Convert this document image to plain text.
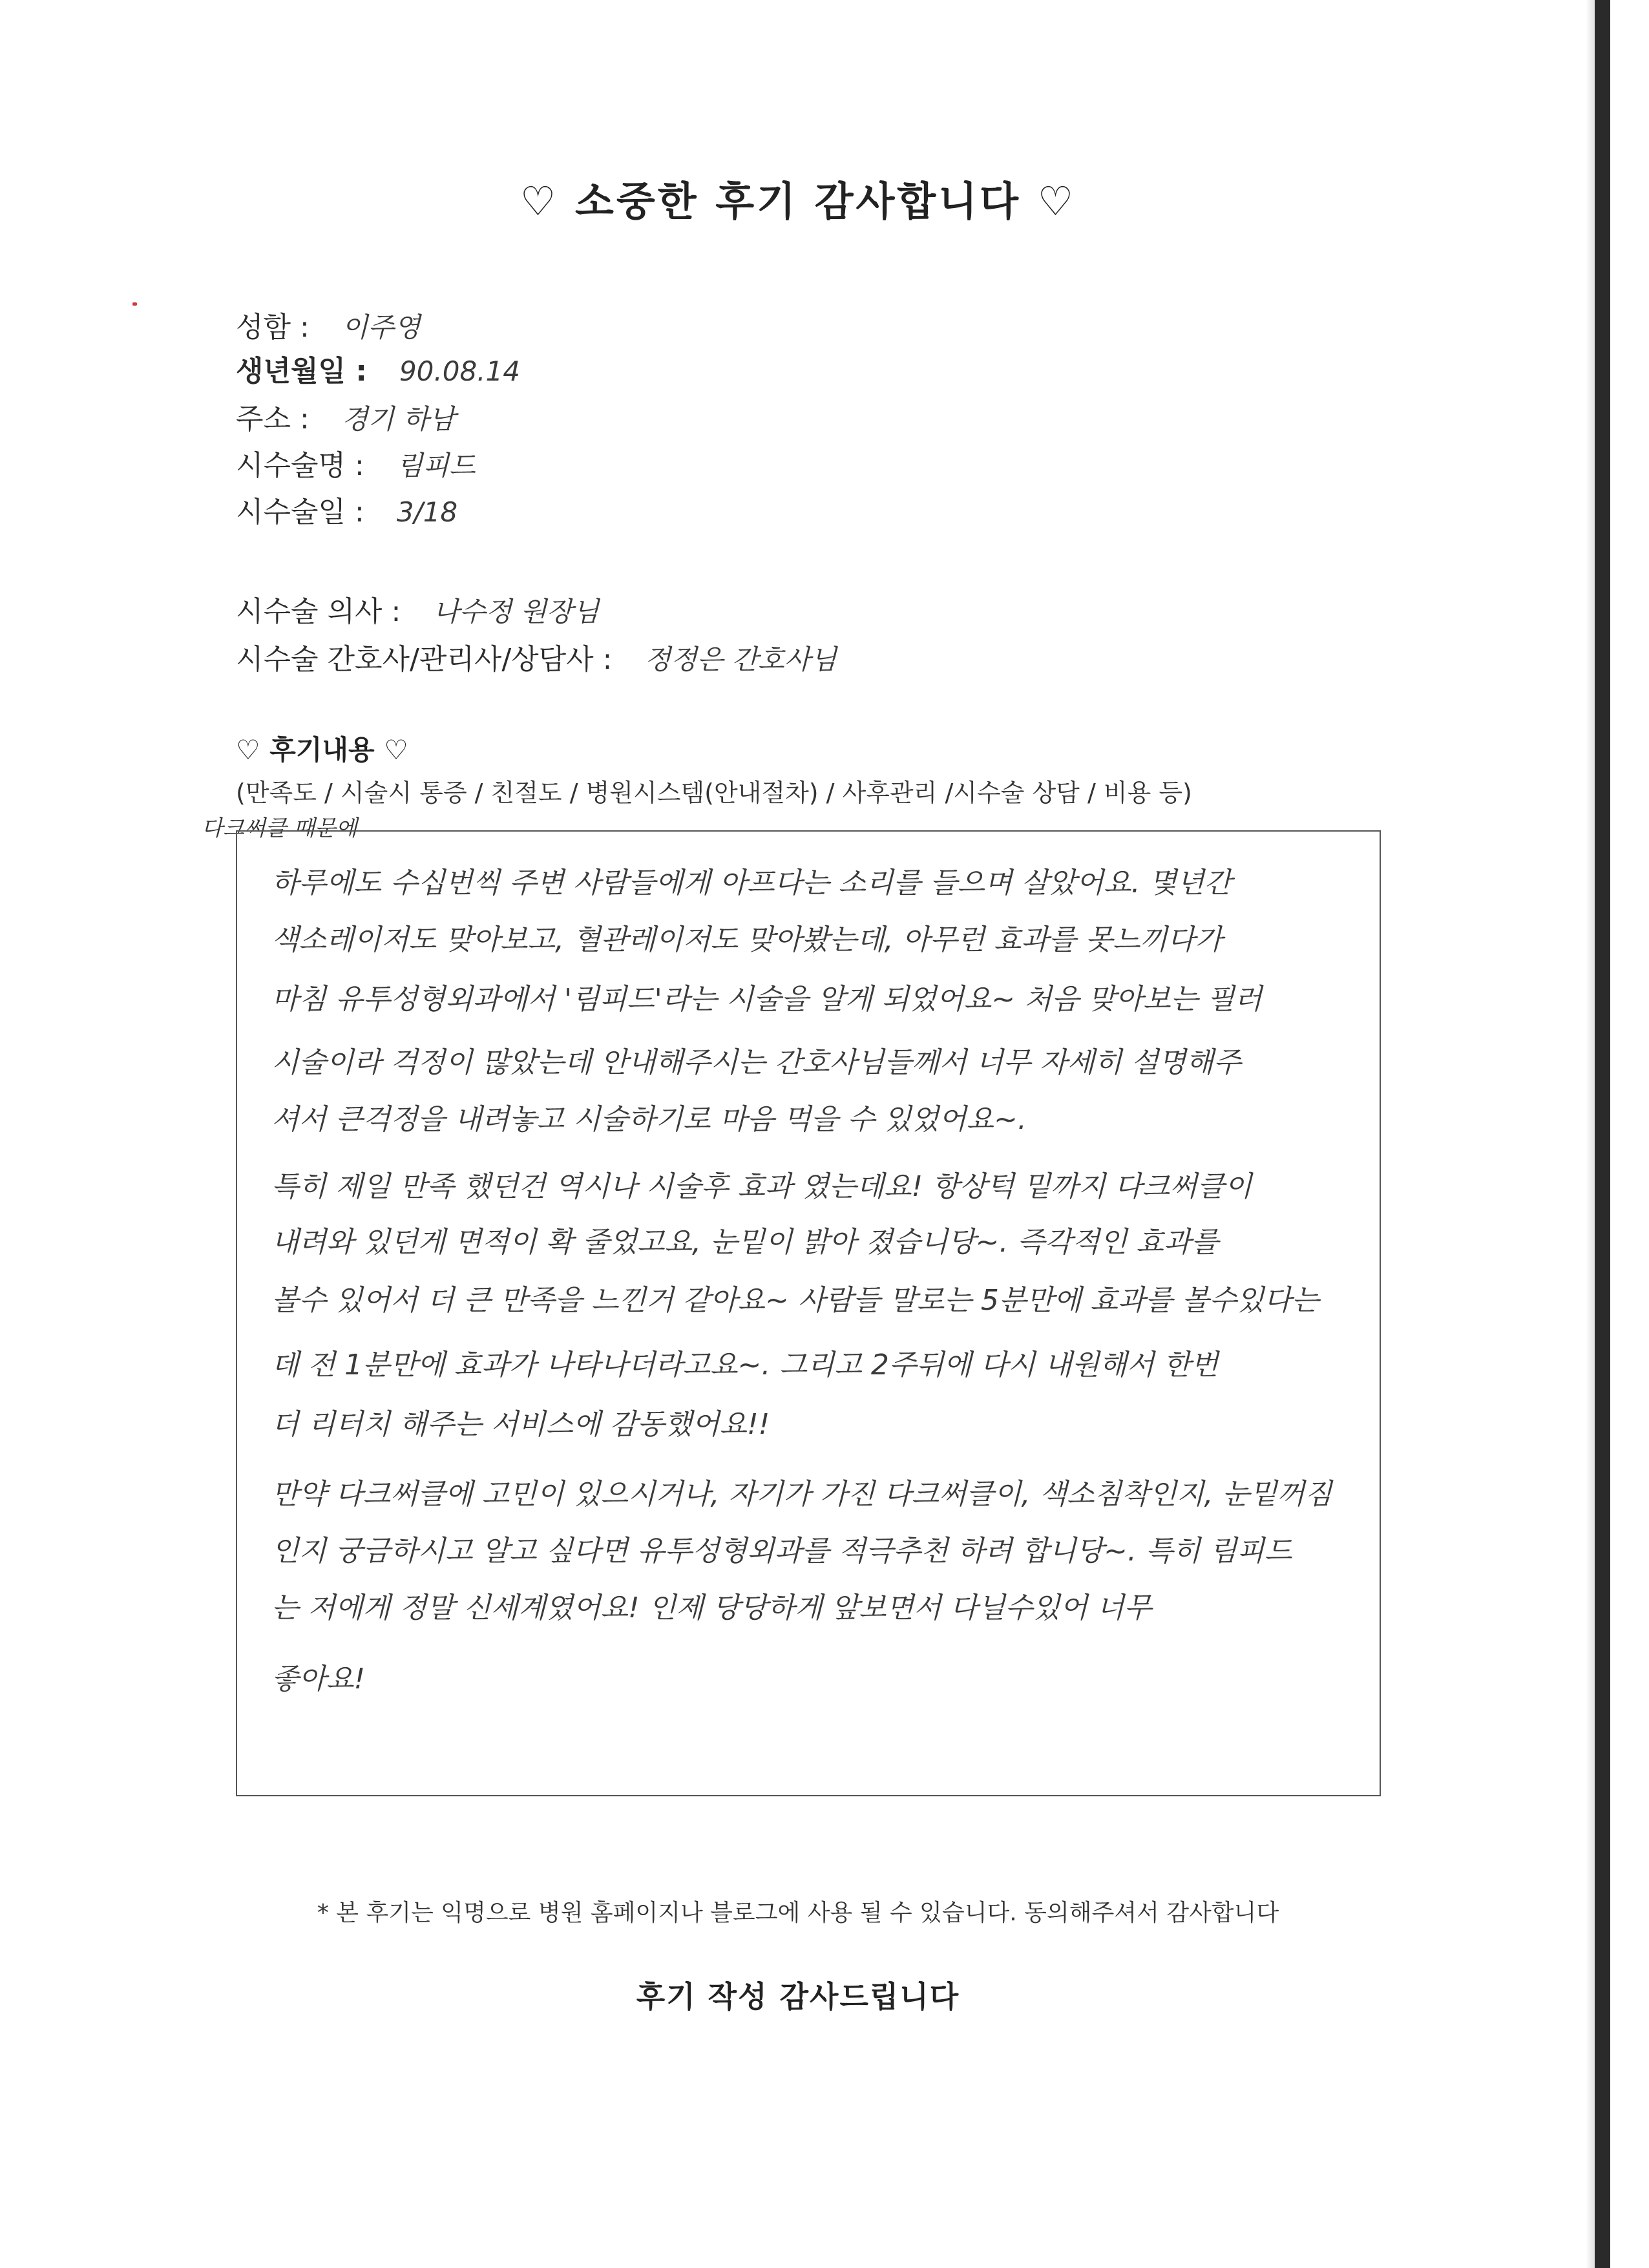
♡ 소중한 후기 감사합니다 ♡
성함 : 이주영
생년월일 : 90.08.14
주소 : 경기 하남
시수술명 : 림피드
시수술일 : 3/18
시수술 의사 : 나수정 원장님
시수술 간호사/관리사/상담사 : 정정은 간호사님
♡ 후기내용 ♡
(만족도 / 시술시 통증 / 친절도 / 병원시스템(안내절차) / 사후관리 /시수술 상담 / 비용 등)
다크써클 때문에
하루에도 수십번씩 주변 사람들에게 아프다는 소리를 들으며 살았어요. 몇년간
색소레이저도 맞아보고, 혈관레이저도 맞아봤는데, 아무런 효과를 못느끼다가
마침 유투성형외과에서 '림피드'라는 시술을 알게 되었어요~ 처음 맞아보는 필러
시술이라 걱정이 많았는데 안내해주시는 간호사님들께서 너무 자세히 설명해주
셔서 큰걱정을 내려놓고 시술하기로 마음 먹을 수 있었어요~.
특히 제일 만족 했던건 역시나 시술후 효과 였는데요! 항상턱 밑까지 다크써클이
내려와 있던게 면적이 확 줄었고요, 눈밑이 밝아 졌습니당~. 즉각적인 효과를
볼수 있어서 더 큰 만족을 느낀거 같아요~ 사람들 말로는 5분만에 효과를 볼수있다는
데 전 1분만에 효과가 나타나더라고요~. 그리고 2주뒤에 다시 내원해서 한번
더 리터치 해주는 서비스에 감동했어요!!
만약 다크써클에 고민이 있으시거나, 자기가 가진 다크써클이, 색소침착인지, 눈밑꺼짐
인지 궁금하시고 알고 싶다면 유투성형외과를 적극추천 하려 합니당~. 특히 림피드
는 저에게 정말 신세계였어요! 인제 당당하게 앞보면서 다닐수있어 너무
좋아요!
* 본 후기는 익명으로 병원 홈페이지나 블로그에 사용 될 수 있습니다. 동의해주셔서 감사합니다
후기 작성 감사드립니다
